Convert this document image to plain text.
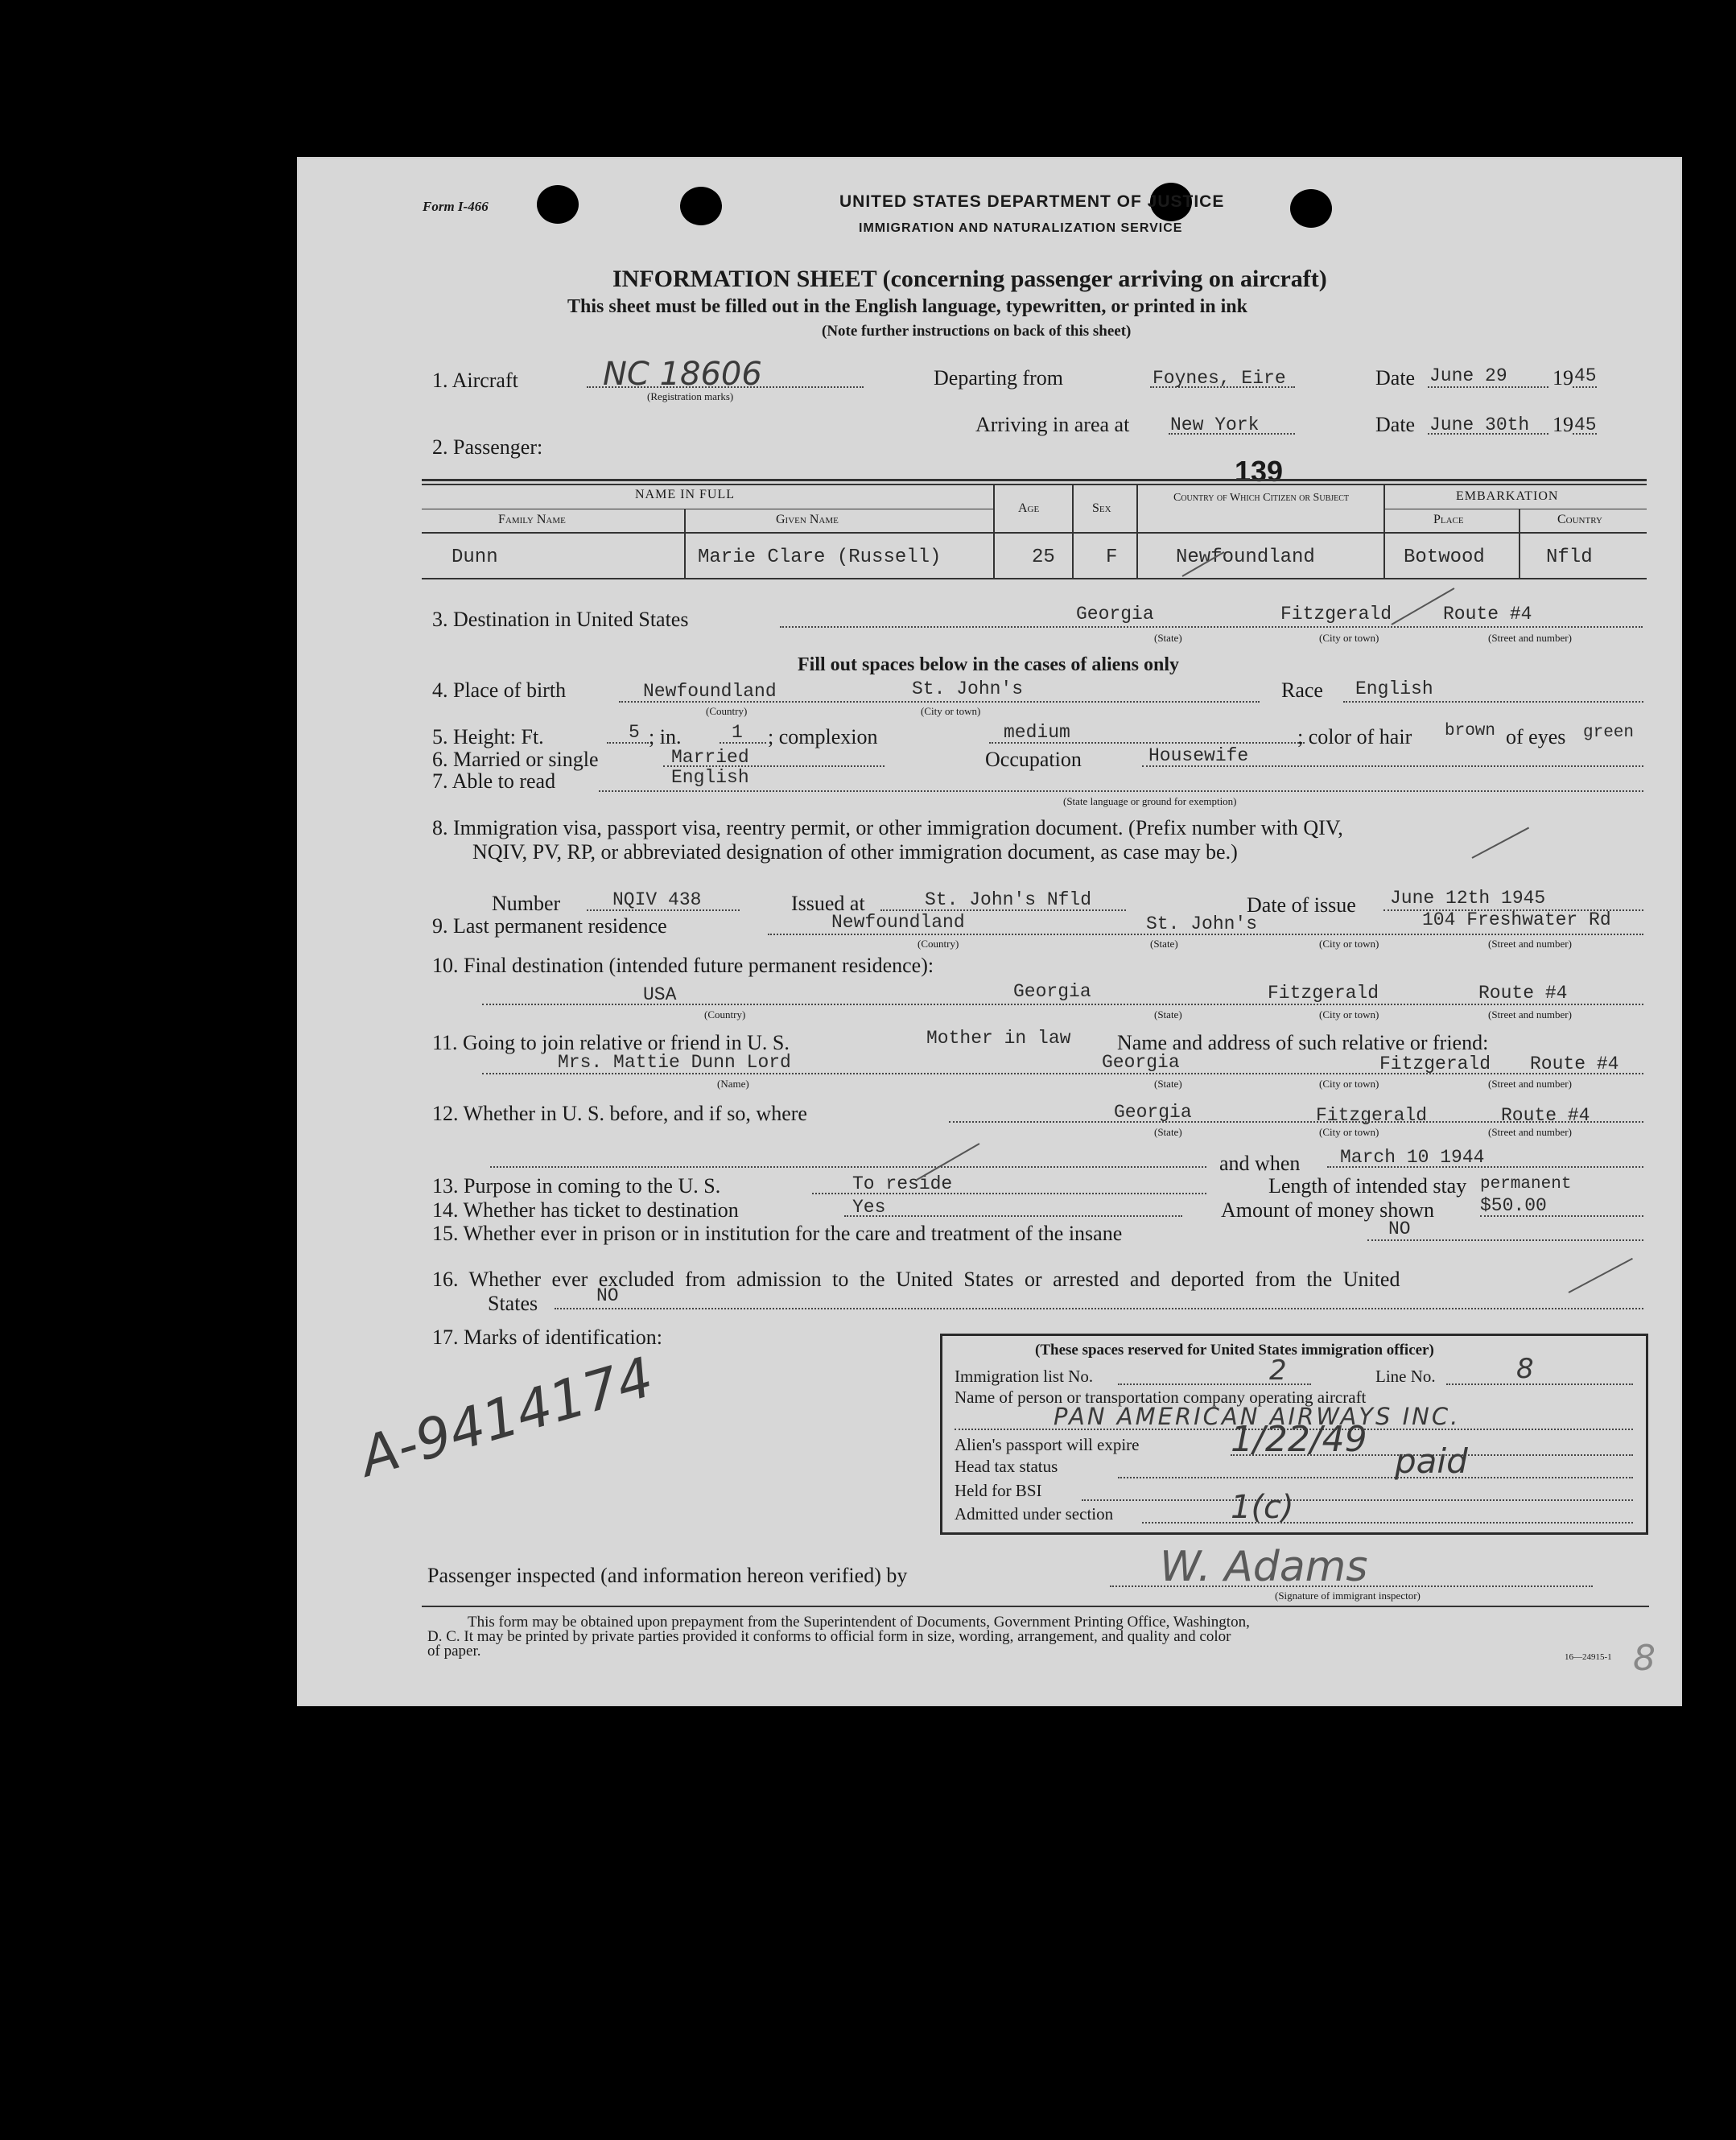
Form I-466	UNITED STATES DEPARTMENT OF JUSTICE
IMMIGRATION AND NATURALIZATION SERVICE
INFORMATION SHEET (concerning passenger arriving on aircraft)
This sheet must be filled out in the English language, typewritten, or printed in ink
(Note further instructions on back of this sheet)
1. Aircraft	NC 18606
(Registration marks)
Departing from	Foynes, Eire	Date June 29 19 45
Arriving in area at New York	Date June 30th 19 45
2. Passenger:
139
NAME IN FULL
Family Name	Given Name
Age	Sex
Country of Which Citizen or Subject	EMBARKATION
Place	Country
Dunn	Marie Clare (Russell)	25	F	Newfoundland	Botwood	Nfld
3. Destination in United States	Georgia	Fitzgerald	Route #4
(State)	(City or town)	(Street and number)
Fill out spaces below in the cases of aliens only
4. Place of birth	Newfoundland	St. John's
(Country)	(City or town)
Race English
5. Height: Ft.	5 ; in.	1 ; complexion	medium	; color of hair brown of eyes green
6. Married or single	Married	Occupation	Housewife
7. Able to read	English
(State language or ground for exemption)
8. Immigration visa, passport visa, reentry permit, or other immigration document. (Prefix number with QIV,
NQIV, PV, RP, or abbreviated designation of other immigration document, as case may be.)
Number	NQIV 438	Issued at	St. John's Nfld	Date of issue June 12th 1945
9. Last permanent residence	Newfoundland	St. John's	104 Freshwater Rd
(Country)	(State)	(City or town)	(Street and number)
10. Final destination (intended future permanent residence):
USA	Georgia	Fitzgerald	Route #4
(Country)	(State)	(City or town)	(Street and number)
11. Going to join relative or friend in U. S.	Mother in law Name and address of such relative or friend:
Mrs. Mattie Dunn Lord	Georgia	Fitzgerald Route #4
(Name)	(State)	(City or town)	(Street and number)
12. Whether in U. S. before, and if so, where	Georgia	Fitzgerald	Route #4
(State)	(City or town)	(Street and number)
and when March 10 1944
13. Purpose in coming to the U. S.	To reside	Length of intended stay permanent
14. Whether has ticket to destination	Yes	Amount of money shown $50.00
15. Whether ever in prison or in institution for the care and treatment of the insane	NO
16. Whether ever excluded from admission to the United States or arrested and deported from the United
States	NO
17. Marks of identification:
A-9414174	(These spaces reserved for United States immigration officer)
Immigration list No.	2	Line No.	8
Name of person or transportation company operating aircraft
PAN AMERICAN AIRWAYS INC.
Alien's passport will expire	1/22/49
Head tax status	paid
Held for BSI
Admitted under section	1(c)
Passenger inspected (and information hereon verified) by	W. Adams
(Signature of immigrant inspector)
This form may be obtained upon prepayment from the Superintendent of Documents, Government Printing Office, Washington,
D. C. It may be printed by private parties provided it conforms to official form in size, wording, arrangement, and quality and color
of paper.	16—24915-1 8
